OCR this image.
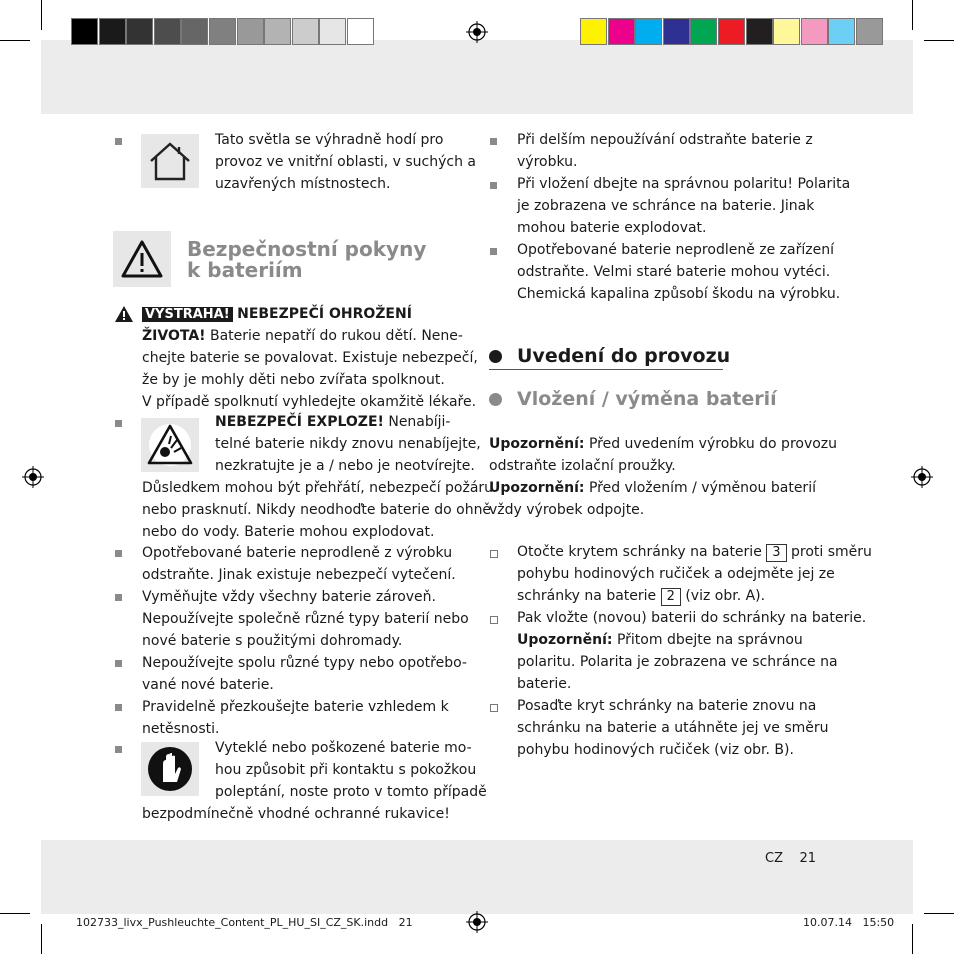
Tato světla se výhradně hodí pro
provoz ve vnitřní oblasti, v suchých a
uzavřených místnostech.
Bezpečnostní pokyny
k bateriím
VÝSTRAHA! NEBEZPEČÍ OHROŽENÍ
ŽIVOTA! Baterie nepatří do rukou dětí. Nene-
chejte baterie se povalovat. Existuje nebezpečí,
že by je mohly děti nebo zvířata spolknout.
V případě spolknutí vyhledejte okamžitě lékaře.
NEBEZPEČÍ EXPLOZE! Nenabíji-
telné baterie nikdy znovu nenabíjejte,
nezkratujte je a / nebo je neotvírejte.
Důsledkem mohou být přehřátí, nebezpečí požáru
nebo prasknutí. Nikdy neodhoďte baterie do ohně
nebo do vody. Baterie mohou explodovat.
Opotřebované baterie neprodleně z výrobku
odstraňte. Jinak existuje nebezpečí vytečení.
Vyměňujte vždy všechny baterie zároveň.
Nepoužívejte společně různé typy baterií nebo
nové baterie s použitými dohromady.
Nepoužívejte spolu různé typy nebo opotřebo-
vané nové baterie.
Pravidelně přezkoušejte baterie vzhledem k
netěsnosti.
Vyteklé nebo poškozené baterie mo-
hou způsobit při kontaktu s pokožkou
poleptání, noste proto v tomto případě
bezpodmínečně vhodné ochranné rukavice!
Při delším nepoužívání odstraňte baterie z
výrobku.
Při vložení dbejte na správnou polaritu! Polarita
je zobrazena ve schránce na baterie. Jinak
mohou baterie explodovat.
Opotřebované baterie neprodleně ze zařízení
odstraňte. Velmi staré baterie mohou vytéci.
Chemická kapalina způsobí škodu na výrobku.
Uvedení do provozu
Vložení / výměna baterií
Upozornění: Před uvedením výrobku do provozu
odstraňte izolační proužky.
Upozornění: Před vložením / výměnou baterií
vždy výrobek odpojte.
Otočte krytem schránky na baterie 3 proti směru
pohybu hodinových ručiček a odejměte jej ze
schránky na baterie 2 (viz obr. A).
Pak vložte (novou) baterii do schránky na baterie.
Upozornění: Přitom dbejte na správnou
polaritu. Polarita je zobrazena ve schránce na
baterie.
Posaďte kryt schránky na baterie znovu na
schránku na baterie a utáhněte jej ve směru
pohybu hodinových ručiček (viz obr. B).
CZ    21
102733_livx_Pushleuchte_Content_PL_HU_SI_CZ_SK.indd   21	10.07.14   15:50
